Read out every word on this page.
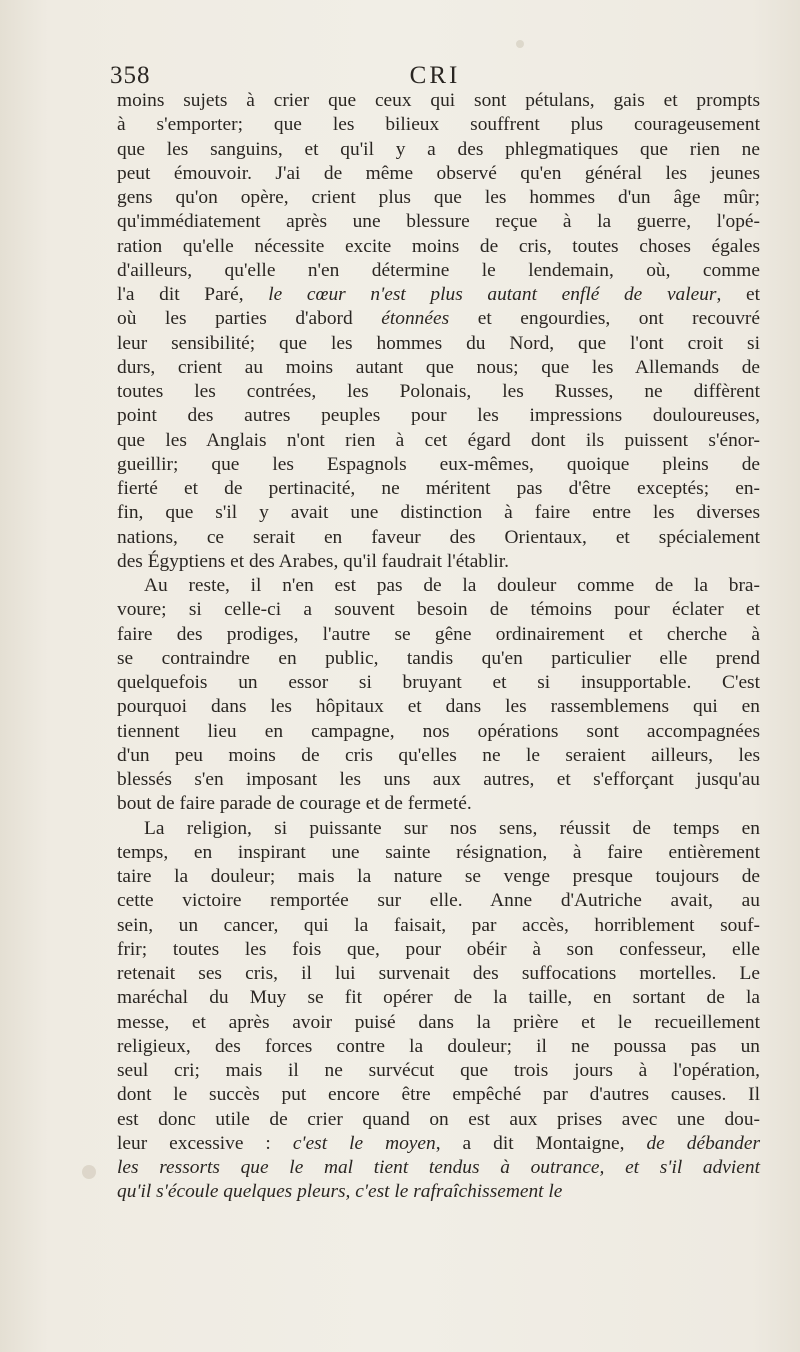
358	CRI
moins sujets à crier que ceux qui sont pétulans, gais et prompts
à s'emporter; que les bilieux souffrent plus courageusement
que les sanguins, et qu'il y a des phlegmatiques que rien ne
peut émouvoir. J'ai de même observé qu'en général les jeunes
gens qu'on opère, crient plus que les hommes d'un âge mûr;
qu'immédiatement après une blessure reçue à la guerre, l'opé-
ration qu'elle nécessite excite moins de cris, toutes choses égales
d'ailleurs, qu'elle n'en détermine le lendemain, où, comme
l'a dit Paré, le cœur n'est plus autant enflé de valeur, et
où les parties d'abord étonnées et engourdies, ont recouvré
leur sensibilité; que les hommes du Nord, que l'ont croit si
durs, crient au moins autant que nous; que les Allemands de
toutes les contrées, les Polonais, les Russes, ne diffèrent
point des autres peuples pour les impressions douloureuses,
que les Anglais n'ont rien à cet égard dont ils puissent s'énor-
gueillir; que les Espagnols eux-mêmes, quoique pleins de
fierté et de pertinacité, ne méritent pas d'être exceptés; en-
fin, que s'il y avait une distinction à faire entre les diverses
nations, ce serait en faveur des Orientaux, et spécialement
des Égyptiens et des Arabes, qu'il faudrait l'établir.
Au reste, il n'en est pas de la douleur comme de la bra-
voure; si celle-ci a souvent besoin de témoins pour éclater et
faire des prodiges, l'autre se gêne ordinairement et cherche à
se contraindre en public, tandis qu'en particulier elle prend
quelquefois un essor si bruyant et si insupportable. C'est
pourquoi dans les hôpitaux et dans les rassemblemens qui en
tiennent lieu en campagne, nos opérations sont accompagnées
d'un peu moins de cris qu'elles ne le seraient ailleurs, les
blessés s'en imposant les uns aux autres, et s'efforçant jusqu'au
bout de faire parade de courage et de fermeté.
La religion, si puissante sur nos sens, réussit de temps en
temps, en inspirant une sainte résignation, à faire entièrement
taire la douleur; mais la nature se venge presque toujours de
cette victoire remportée sur elle. Anne d'Autriche avait, au
sein, un cancer, qui la faisait, par accès, horriblement souf-
frir; toutes les fois que, pour obéir à son confesseur, elle
retenait ses cris, il lui survenait des suffocations mortelles. Le
maréchal du Muy se fit opérer de la taille, en sortant de la
messe, et après avoir puisé dans la prière et le recueillement
religieux, des forces contre la douleur; il ne poussa pas un
seul cri; mais il ne survécut que trois jours à l'opération,
dont le succès put encore être empêché par d'autres causes. Il
est donc utile de crier quand on est aux prises avec une dou-
leur excessive : c'est le moyen, a dit Montaigne, de débander
les ressorts que le mal tient tendus à outrance, et s'il advient
qu'il s'écoule quelques pleurs, c'est le rafraîchissement le
